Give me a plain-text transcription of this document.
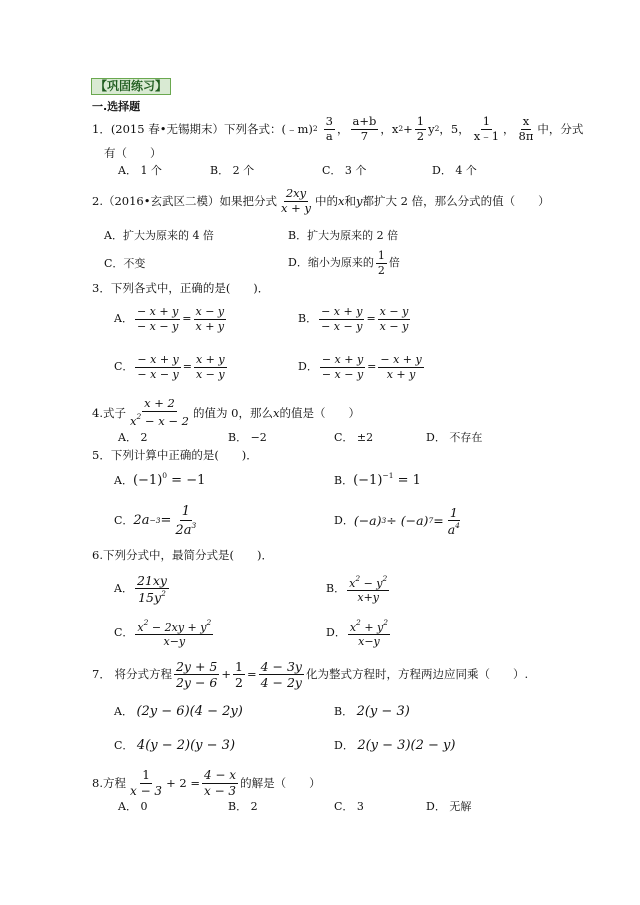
【巩固练习】
一.选择题
1．(2015 春•无锡期末）下列各式：(﹣m) $2 \frac{3}{a}$ ， $\frac{a+b}{7}$ ， x $2 + \frac{1}{2}$ y 2 ，5， $\frac{1}{x﹣1}$ ， $\frac{x}{8\pi}$ 中，分式
有（　　）
A． 1 个	B． 2 个	C． 3 个	D． 4 个
2.（2016•玄武区二模）如果把分式 $\frac{2xy}{x + y}$ 中的 x 和 y 都扩大 2 倍，那么分式的值（　　）
A．扩大为原来的 4 倍	B．扩大为原来的 2 倍
C．不变	D．缩小为原来的 $\frac{1}{2}$ 倍
3．下列各式中，正确的是(　　)．
A． $\frac{- x + y}{- x - y} = \frac{x - y}{x + y}$	B． $\frac{- x + y}{- x - y} = \frac{x - y}{x - y}$
C． $\frac{- x + y}{- x - y} = \frac{x + y}{x - y}$	D． $\frac{- x + y}{- x - y} = \frac{- x + y}{x + y}$
4.式子 $\frac{x + 2}{x^2 - x - 2}$ 的值为 0，那么 x 的值是（　　）
A． 2	B． −2	C． ±2	D． 不存在
5．下列计算中正确的是(　　)．
A．$(-1)^0 = -1$	B．$(-1)^{-1} = 1$
C． $2a -3 = \frac{1}{2a^3}$	D． (−a) 3 ÷ (−a) $7 = \frac{1}{a^4}$
6.下列分式中，最简分式是(　　)．
A． $\frac{21xy}{15y^2}$	B． $\frac{x^2 - y^2}{x+y}$
C． $\frac{x^2 - 2xy + y^2}{x-y}$	D． $\frac{x^2 + y^2}{x-y}$
7． 将分式方程 $\frac{2y + 5}{2y - 6} + \frac{1}{2} = \frac{4 - 3y}{4 - 2y}$ 化为整式方程时，方程两边应同乘（　　）.
A． (2y − 6)(4 − 2y)	B． 2(y − 3)
C． 4(y − 2)(y − 3)	D． 2(y − 3)(2 − y)
8.方程 $\frac{1}{x - 3} + 2 = \frac{4 - x}{x - 3}$ 的解是（　　）
A． 0	B． 2	C． 3	D． 无解
